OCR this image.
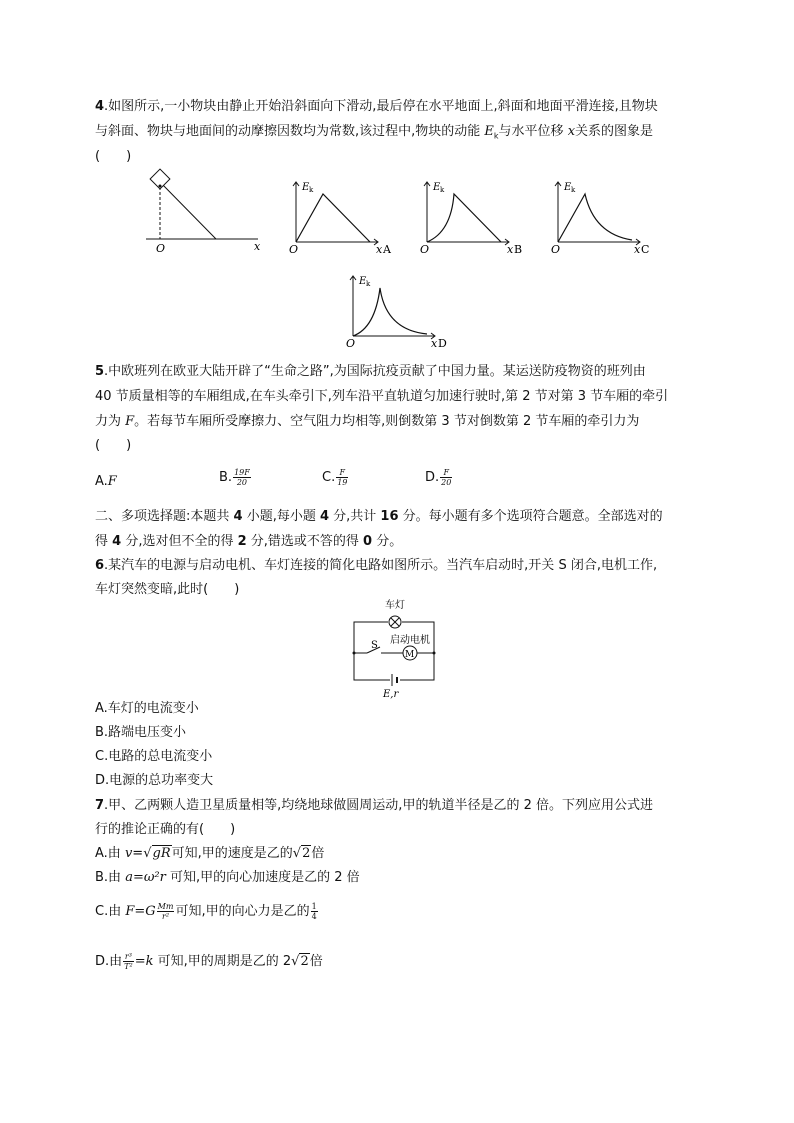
4.如图所示,一小物块由静止开始沿斜面向下滑动,最后停在水平地面上,斜面和地面平滑连接,且物块
与斜面、物块与地面间的动摩擦因数均为常数,该过程中,物块的动能 $E_k$与水平位移 x关系的图象是
(　　)
O	x
E k
O	x A
E k
O	x B
E k
O	x C
E k
O	x D
5.中欧班列在欧亚大陆开辟了“生命之路”,为国际抗疫贡献了中国力量。某运送防疫物资的班列由
40 节质量相等的车厢组成,在车头牵引下,列车沿平直轨道匀加速行驶时,第 2 节对第 3 节车厢的牵引
力为 F。若每节车厢所受摩擦力、空气阻力均相等,则倒数第 3 节对倒数第 2 节车厢的牵引力为
(　　)
A.F	B. $\frac{19F}{20}$	C. $\frac{F}{19}$	D. $\frac{F}{20}$
二、多项选择题:本题共 4 小题,每小题 4 分,共计 16 分。每小题有多个选项符合题意。全部选对的
得 4 分,选对但不全的得 2 分,错选或不答的得 0 分。
6.某汽车的电源与启动电机、车灯连接的简化电路如图所示。当汽车启动时,开关 S 闭合,电机工作,
车灯突然变暗,此时(　　)
车灯
M
S 启动电机
E,r
A.车灯的电流变小
B.路端电压变小
C.电路的总电流变小
D.电源的总功率变大
7.甲、乙两颗人造卫星质量相等,均绕地球做圆周运动,甲的轨道半径是乙的 2 倍。下列应用公式进
行的推论正确的有(　　)
A.由 v=√gR可知,甲的速度是乙的√2倍
B.由 a=ω²r 可知,甲的向心加速度是乙的 2 倍
C.由 $F=G \frac{Mm}{\text{r²}}$ 可知,甲的向心力是乙的 $\frac{1}{4}$
D.由 $\frac{\text{r³}}{\text{T²}} =k$ 可知,甲的周期是乙的 2√2倍
